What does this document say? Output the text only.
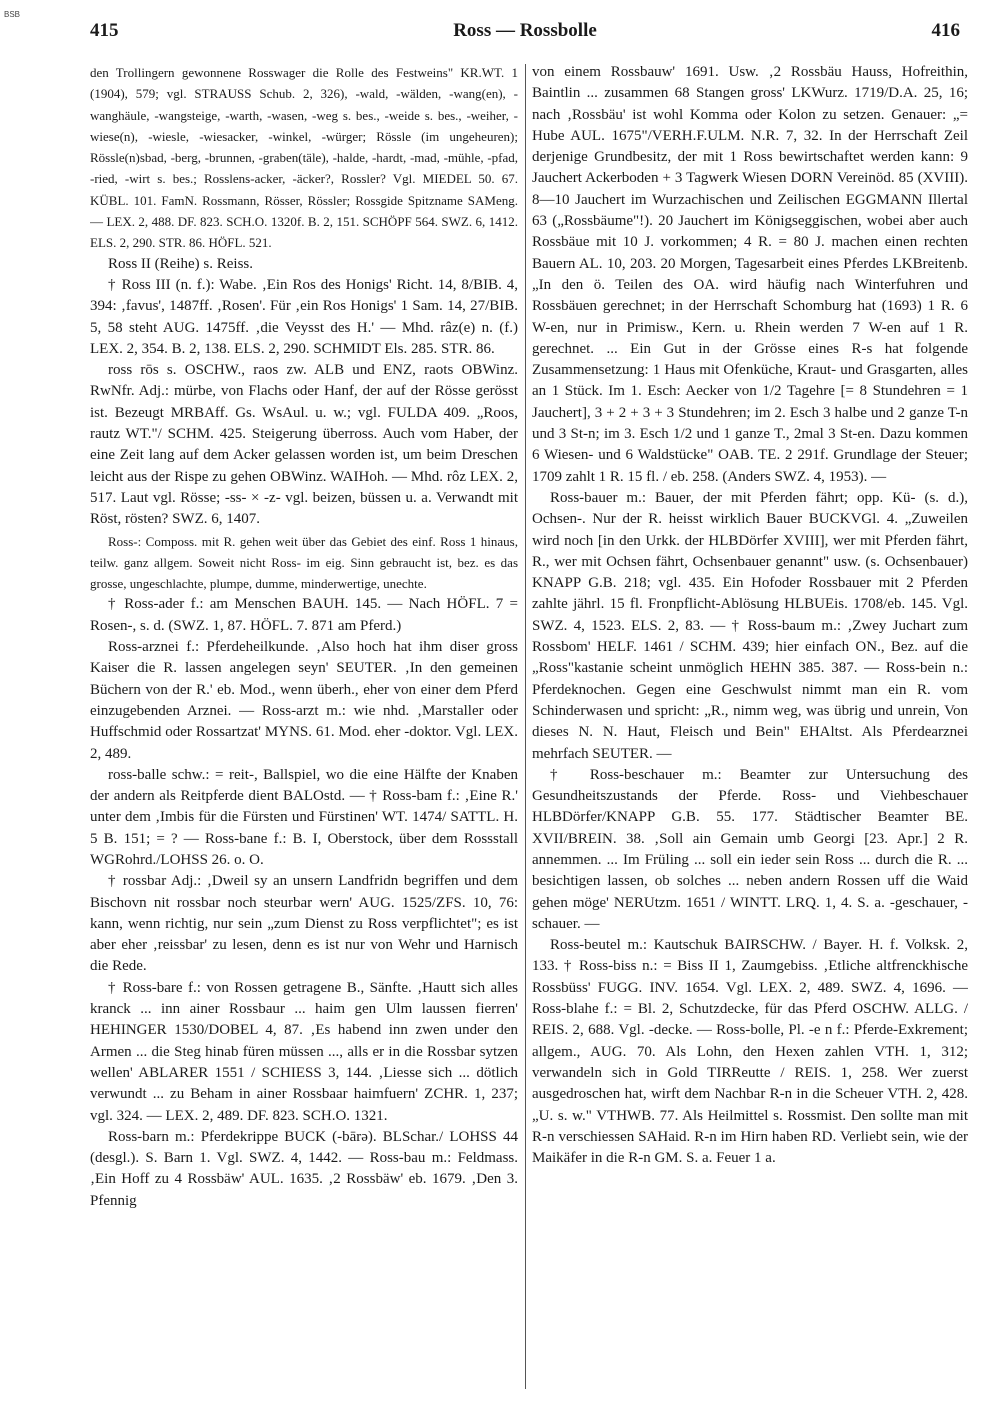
BSB
415	Ross — Rossbolle	416

den Trollingern gewonnene Rosswager die Rolle des Festweins" KR.WT. 1 (1904), 579; vgl. STRAUSS Schub. 2, 326), -wald, -wälden, -wang(en), -wanghäule, -wangsteige, -warth, -wasen, -weg s. bes., -weide s. bes., -weiher, -wiese(n), -wiesle, -wiesacker, -winkel, -würger; Rössle (im ungeheuren); Rössle(n)sbad, -berg, -brunnen, -graben(täle), -halde, -hardt, -mad, -mühle, -pfad, -ried, -wirt s. bes.; Rosslens-acker, -äcker?, Rossler? Vgl. MIEDEL 50. 67. KÜBL. 101. FamN. Rossmann, Rösser, Rössler; Rossgide Spitzname SAMeng. — LEX. 2, 488. DF. 823. SCH.O. 1320f. B. 2, 151. SCHÖPF 564. SWZ. 6, 1412. ELS. 2, 290. STR. 86. HÖFL. 521.

Ross II (Reihe) s. Reiss.

† Ross III (n. f.): Wabe. ‚Ein Ros des Honigs' Richt. 14, 8/BIB. 4, 394: ‚favus', 1487ff. ‚Rosen'. Für ‚ein Ros Honigs' 1 Sam. 14, 27/BIB. 5, 58 steht AUG. 1475ff. ‚die Veysst des H.' — Mhd. râz(e) n. (f.) LEX. 2, 354. B. 2, 138. ELS. 2, 290. SCHMIDT Els. 285. STR. 86.

ross rōs s. OSCHW., raos zw. ALB und ENZ, raots OBWinz. RwNfr. Adj.: mürbe, von Flachs oder Hanf, der auf der Rösse gerösst ist. Bezeugt MRBAff. Gs. WsAul. u. w.; vgl. FULDA 409. „Roos, rautz WT."/ SCHM. 425. Steigerung überross. Auch vom Haber, der eine Zeit lang auf dem Acker gelassen worden ist, um beim Dreschen leicht aus der Rispe zu gehen OBWinz. WAIHoh. — Mhd. rôz LEX. 2, 517. Laut vgl. Rösse; -ss- × -z- vgl. beizen, büssen u. a. Verwandt mit Röst, rösten? SWZ. 6, 1407.

Ross-: Composs. mit R. gehen weit über das Gebiet des einf. Ross 1 hinaus, teilw. ganz allgem. Soweit nicht Ross- im eig. Sinn gebraucht ist, bez. es das grosse, ungeschlachte, plumpe, dumme, minderwertige, unechte.

† Ross-ader f.: am Menschen BAUH. 145. — Nach HÖFL. 7 = Rosen-, s. d. (SWZ. 1, 87. HÖFL. 7. 871 am Pferd.)

Ross-arznei f.: Pferdeheilkunde. ‚Also hoch hat ihm diser gross Kaiser die R. lassen angelegen seyn' SEUTER. ‚In den gemeinen Büchern von der R.' eb. Mod., wenn überh., eher von einer dem Pferd einzugebenden Arznei. — Ross-arzt m.: wie nhd. ‚Marstaller oder Huffschmid oder Rossartzat' MYNS. 61. Mod. eher -doktor. Vgl. LEX. 2, 489.

ross-balle schw.: = reit-, Ballspiel, wo die eine Hälfte der Knaben der andern als Reitpferde dient BALOstd. — † Ross-bam f.: ‚Eine R.' unter dem ‚Imbis für die Fürsten und Fürstinen' WT. 1474/ SATTL. H. 5 B. 151; = ? — Ross-bane f.: B. I, Oberstock, über dem Rossstall WGRohrd./LOHSS 26. o. O.

† rossbar Adj.: ‚Dweil sy an unsern Landfridn begriffen und dem Bischovn nit rossbar noch steurbar wern' AUG. 1525/ZFS. 10, 76: kann, wenn richtig, nur sein „zum Dienst zu Ross verpflichtet"; es ist aber eher ‚reissbar' zu lesen, denn es ist nur von Wehr und Harnisch die Rede.

† Ross-bare f.: von Rossen getragene B., Sänfte. ‚Hautt sich alles kranck ... inn ainer Rossbaur ... haim gen Ulm laussen fierren' HEHINGER 1530/DOBEL 4, 87. ‚Es habend inn zwen under den Armen ... die Steg hinab füren müssen ..., alls er in die Rossbar sytzen wellen' ABLARER 1551 / SCHIESS 3, 144. ‚Liesse sich ... dötlich verwundt ... zu Beham in ainer Rossbaar haimfuern' ZCHR. 1, 237; vgl. 324. — LEX. 2, 489. DF. 823. SCH.O. 1321.

Ross-barn m.: Pferdekrippe BUCK (-bārə). BLSchar./ LOHSS 44 (desgl.). S. Barn 1. Vgl. SWZ. 4, 1442. — Ross-bau m.: Feldmass. ‚Ein Hoff zu 4 Rossbäw' AUL. 1635. ‚2 Rossbäw' eb. 1679. ‚Den 3. Pfennig

von einem Rossbauw' 1691. Usw. ‚2 Rossbäu Hauss, Hofreithin, Baintlin ... zusammen 68 Stangen gross' LKWurz. 1719/D.A. 25, 16; nach ‚Rossbäu' ist wohl Komma oder Kolon zu setzen. Genauer: „= Hube AUL. 1675"/VERH.F.ULM. N.R. 7, 32. In der Herrschaft Zeil derjenige Grundbesitz, der mit 1 Ross bewirtschaftet werden kann: 9 Jauchert Ackerboden + 3 Tagwerk Wiesen DORN Vereinöd. 85 (XVIII). 8—10 Jauchert im Wurzachischen und Zeilischen EGGMANN Illertal 63 („Rossbäume"!). 20 Jauchert im Königseggischen, wobei aber auch Rossbäue mit 10 J. vorkommen; 4 R. = 80 J. machen einen rechten Bauern AL. 10, 203. 20 Morgen, Tagesarbeit eines Pferdes LKBreitenb. „In den ö. Teilen des OA. wird häufig nach Winterfuhren und Rossbäuen gerechnet; in der Herrschaft Schomburg hat (1693) 1 R. 6 W-en, nur in Primisw., Kern. u. Rhein werden 7 W-en auf 1 R. gerechnet. ... Ein Gut in der Grösse eines R-s hat folgende Zusammensetzung: 1 Haus mit Ofenküche, Kraut- und Grasgarten, alles an 1 Stück. Im 1. Esch: Aecker von 1/2 Tagehre [= 8 Stundehren = 1 Jauchert], 3 + 2 + 3 + 3 Stundehren; im 2. Esch 3 halbe und 2 ganze T-n und 3 St-n; im 3. Esch 1/2 und 1 ganze T., 2mal 3 St-en. Dazu kommen 6 Wiesen- und 6 Waldstücke" OAB. TE. 2 291f. Grundlage der Steuer; 1709 zahlt 1 R. 15 fl. / eb. 258. (Anders SWZ. 4, 1953). —

Ross-bauer m.: Bauer, der mit Pferden fährt; opp. Kü- (s. d.), Ochsen-. Nur der R. heisst wirklich Bauer BUCKVGl. 4. „Zuweilen wird noch [in den Urkk. der HLBDörfer XVIII], wer mit Pferden fährt, R., wer mit Ochsen fährt, Ochsenbauer genannt" usw. (s. Ochsenbauer) KNAPP G.B. 218; vgl. 435. Ein Hofoder Rossbauer mit 2 Pferden zahlte jährl. 15 fl. Fronpflicht-Ablösung HLBUEis. 1708/eb. 145. Vgl. SWZ. 4, 1523. ELS. 2, 83. — † Ross-baum m.: ‚Zwey Juchart zum Rossbom' HELF. 1461 / SCHM. 439; hier einfach ON., Bez. auf die „Ross"kastanie scheint unmöglich HEHN 385. 387. — Ross-bein n.: Pferdeknochen. Gegen eine Geschwulst nimmt man ein R. vom Schinderwasen und spricht: „R., nimm weg, was übrig und unrein, Von dieses N. N. Haut, Fleisch und Bein" EHAltst. Als Pferdearznei mehrfach SEUTER. —

† Ross-beschauer m.: Beamter zur Untersuchung des Gesundheitszustands der Pferde. Ross- und Viehbeschauer HLBDörfer/KNAPP G.B. 55. 177. Städtischer Beamter BE. XVII/BREIN. 38. ‚Soll ain Gemain umb Georgi [23. Apr.] 2 R. annemmen. ... Im Früling ... soll ein ieder sein Ross ... durch die R. ... besichtigen lassen, ob solches ... neben andern Rossen uff die Waid gehen möge' NERUtzm. 1651 / WINTT. LRQ. 1, 4. S. a. -geschauer, -schauer. —

Ross-beutel m.: Kautschuk BAIRSCHW. / Bayer. H. f. Volksk. 2, 133. † Ross-biss n.: = Biss II 1, Zaumgebiss. ‚Etliche altfrenckhische Rossbüss' FUGG. INV. 1654. Vgl. LEX. 2, 489. SWZ. 4, 1696. — Ross-blahe f.: = Bl. 2, Schutzdecke, für das Pferd OSCHW. ALLG. / REIS. 2, 688. Vgl. -decke. — Ross-bolle, Pl. -e n f.: Pferde-Exkrement; allgem., AUG. 70. Als Lohn, den Hexen zahlen VTH. 1, 312; verwandeln sich in Gold TIRReutte / REIS. 1, 258. Wer zuerst ausgedroschen hat, wirft dem Nachbar R-n in die Scheuer VTH. 2, 428. „U. s. w." VTHWB. 77. Als Heilmittel s. Rossmist. Den sollte man mit R-n verschiessen SAHaid. R-n im Hirn haben RD. Verliebt sein, wie der Maikäfer in die R-n GM. S. a. Feuer 1 a.
